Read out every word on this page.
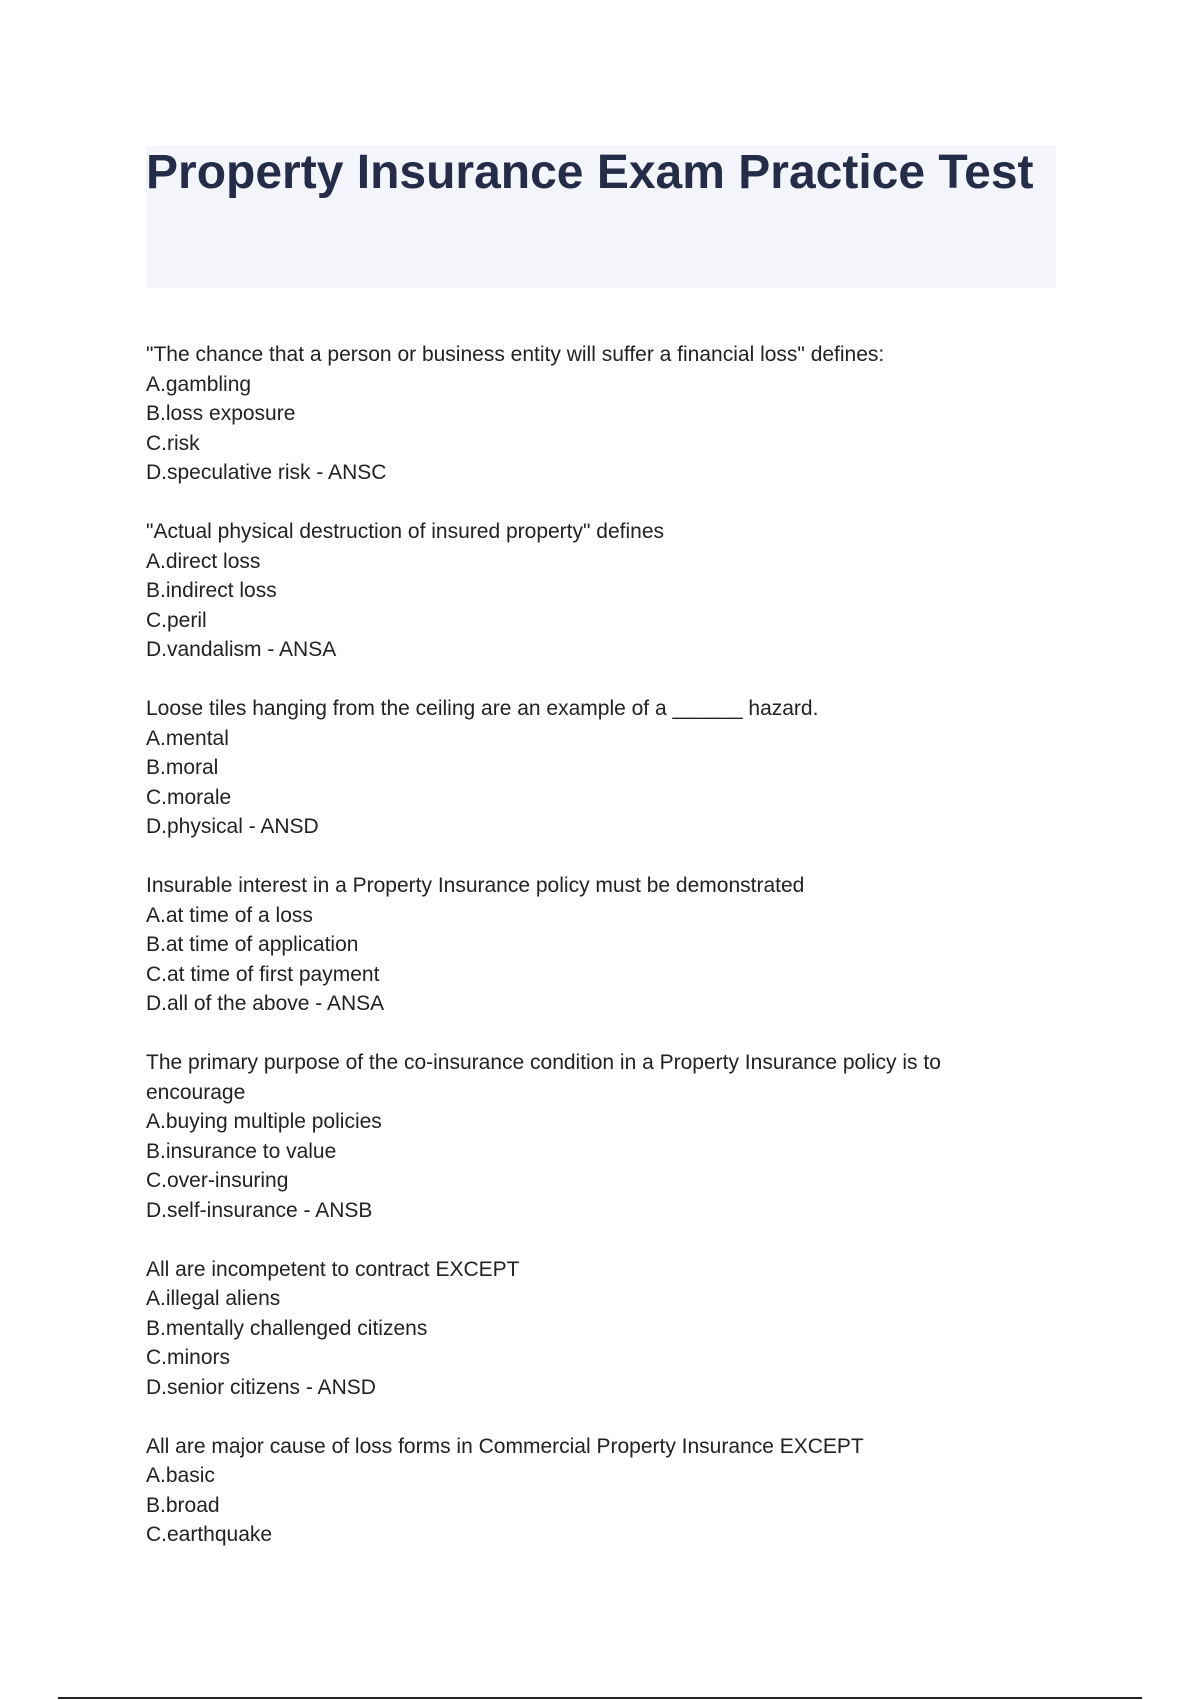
Property Insurance Exam Practice Test
"The chance that a person or business entity will suffer a financial loss" defines:
A.gambling
B.loss exposure
C.risk
D.speculative risk - ANSC
"Actual physical destruction of insured property" defines
A.direct loss
B.indirect loss
C.peril
D.vandalism - ANSA
Loose tiles hanging from the ceiling are an example of a ______ hazard.
A.mental
B.moral
C.morale
D.physical - ANSD
Insurable interest in a Property Insurance policy must be demonstrated
A.at time of a loss
B.at time of application
C.at time of first payment
D.all of the above - ANSA
The primary purpose of the co-insurance condition in a Property Insurance policy is to encourage
A.buying multiple policies
B.insurance to value
C.over-insuring
D.self-insurance - ANSB
All are incompetent to contract EXCEPT
A.illegal aliens
B.mentally challenged citizens
C.minors
D.senior citizens - ANSD
All are major cause of loss forms in Commercial Property Insurance EXCEPT
A.basic
B.broad
C.earthquake
